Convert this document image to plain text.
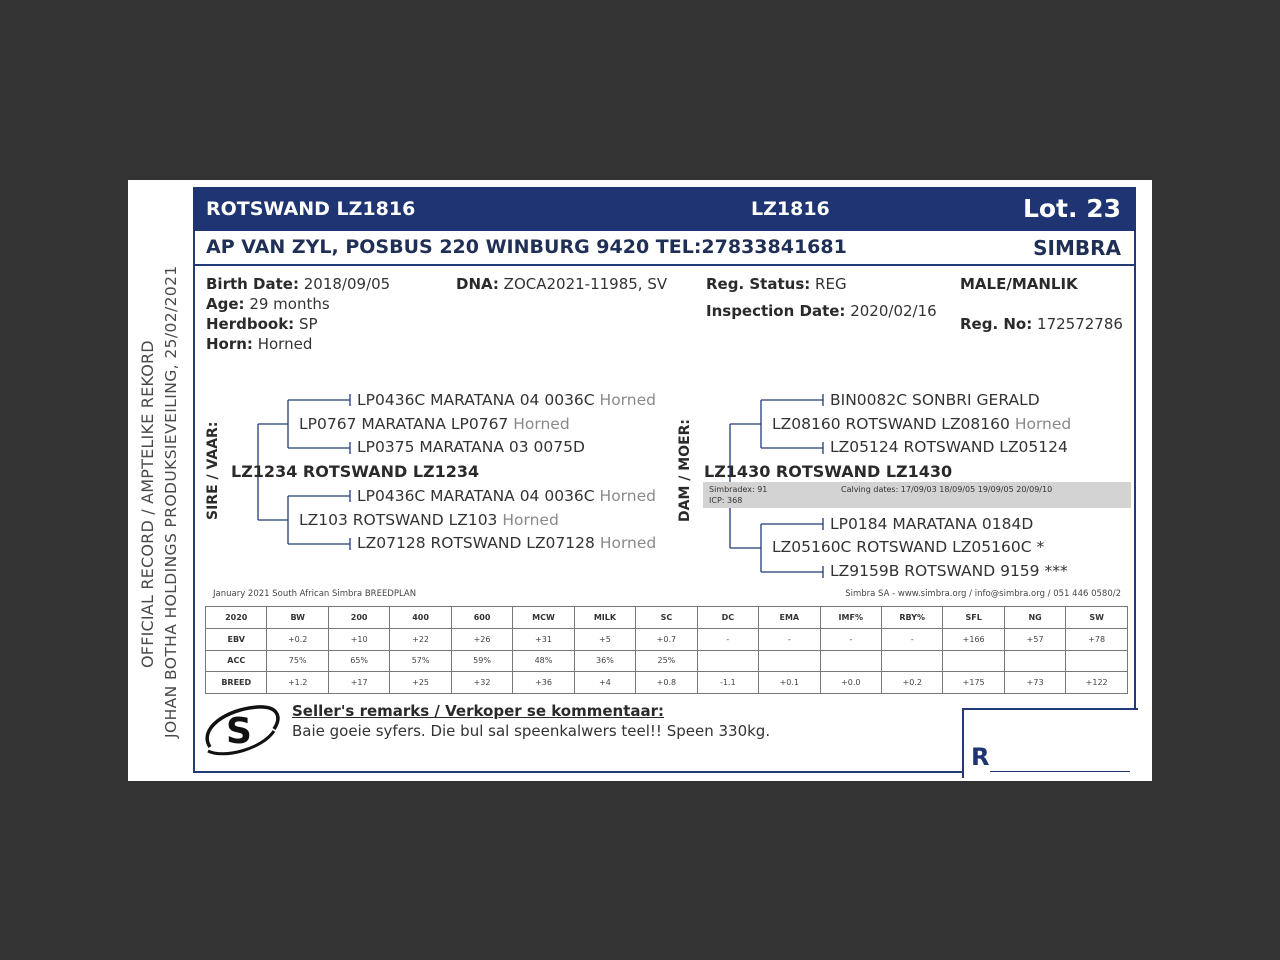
OFFICIAL RECORD / AMPTELIKE REKORD JOHAN BOTHA HOLDINGS PRODUKSIEVEILING, 25/02/2021
ROTSWAND LZ1816	LZ1816	Lot. 23
AP VAN ZYL, POSBUS 220 WINBURG 9420 TEL:27833841681	SIMBRA
Birth Date: 2018/09/05
Age: 29 months
Herdbook: SP
Horn: Horned
DNA: ZOCA2021-11985, SV	Reg. Status: REG
Inspection Date: 2020/02/16
MALE/MANLIK
Reg. No: 172572786
SIRE / VAAR:	DAM / MOER:
LP0436C MARATANA 04 0036C Horned
LP0767 MARATANA LP0767 Horned
LP0375 MARATANA 03 0075D
LZ1234 ROTSWAND LZ1234
LP0436C MARATANA 04 0036C Horned
LZ103 ROTSWAND LZ103 Horned
LZ07128 ROTSWAND LZ07128 Horned
BIN0082C SONBRI GERALD
LZ08160 ROTSWAND LZ08160 Horned
LZ05124 ROTSWAND LZ05124
LZ1430 ROTSWAND LZ1430
Simbradex: 91
ICP: 368
Calving dates: 17/09/03 18/09/05 19/09/05 20/09/10
LP0184 MARATANA 0184D
LZ05160C ROTSWAND LZ05160C *
LZ9159B ROTSWAND 9159 ***
January 2021 South African Simbra BREEDPLAN	Simbra SA - www.simbra.org / info@simbra.org / 051 446 0580/2
2020	BW	200	400	600	MCW	MILK	SC	DC	EMA	IMF%	RBY%	SFL	NG	SW
EBV	+0.2	+10	+22	+26	+31	+5	+0.7	-	-	-	-	+166	+57	+78
ACC	75%	65%	57%	59%	48%	36%	25%							
BREED	+1.2	+17	+25	+32	+36	+4	+0.8	-1.1	+0.1	+0.0	+0.2	+175	+73	+122
S	Seller's remarks / Verkoper se kommentaar:
Baie goeie syfers. Die bul sal speenkalwers teel!! Speen 330kg.
R
